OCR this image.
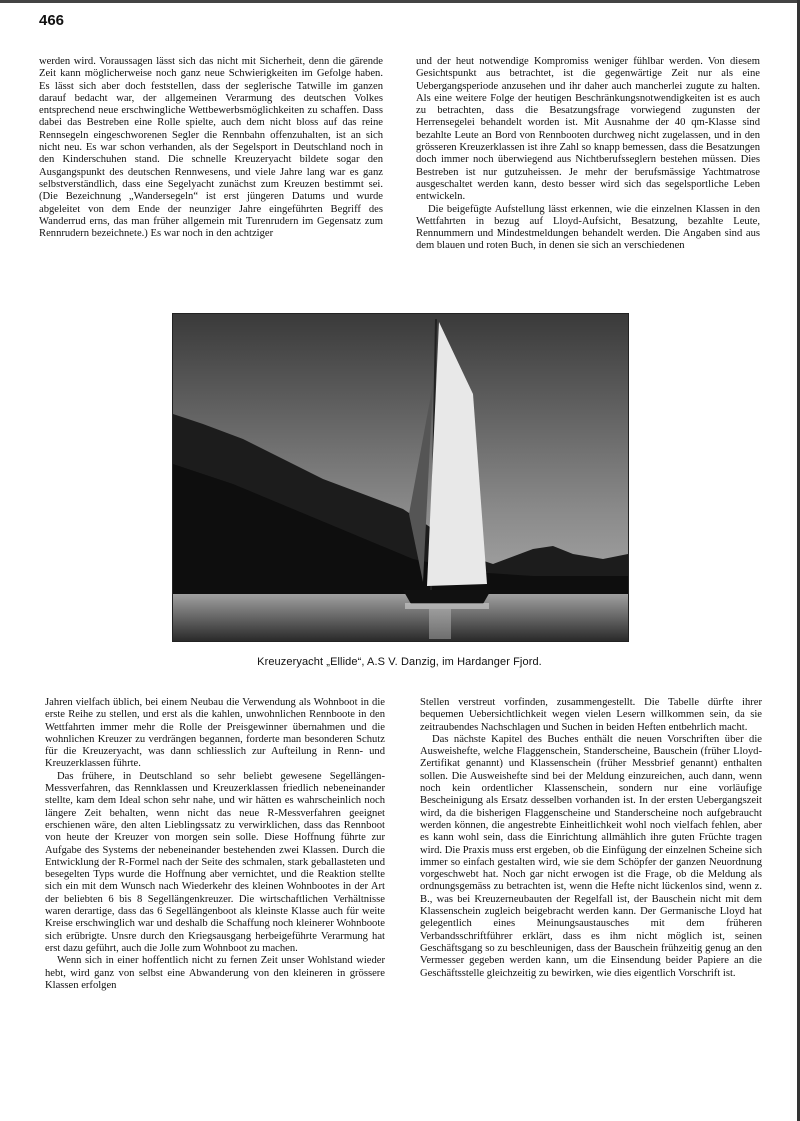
466

werden wird. Voraussagen lässt sich das nicht mit Sicherheit, denn die gärende Zeit kann möglicherweise noch ganz neue Schwierigkeiten im Gefolge haben. Es lässt sich aber doch feststellen, dass der seglerische Tatwille im ganzen darauf bedacht war, der allgemeinen Verarmung des deutschen Volkes entsprechend neue erschwingliche Wettbewerbsmöglichkeiten zu schaffen. Dass dabei das Bestreben eine Rolle spielte, auch dem nicht bloss auf das reine Rennsegeln eingeschworenen Segler die Rennbahn offenzuhalten, ist an sich nicht neu. Es war schon verhanden, als der Segelsport in Deutschland noch in den Kinderschuhen stand. Die schnelle Kreuzeryacht bildete sogar den Ausgangspunkt des deutschen Rennwesens, und viele Jahre lang war es ganz selbstverständlich, dass eine Segelyacht zunächst zum Kreuzen bestimmt sei. (Die Bezeichnung „Wandersegeln“ ist erst jüngeren Datums und wurde abgeleitet von dem Ende der neunziger Jahre eingeführten Begriff des Wanderrud erns, das man früher allgemein mit Turenrudern im Gegensatz zum Rennrudern bezeichnete.) Es war noch in den achtziger

und der heut notwendige Kompromiss weniger fühlbar werden. Von diesem Gesichtspunkt aus betrachtet, ist die gegenwärtige Zeit nur als eine Uebergangsperiode anzusehen und ihr daher auch mancherlei zugute zu halten. Als eine weitere Folge der heutigen Beschränkungsnotwendigkeiten ist es auch zu betrachten, dass die Besatzungsfrage vorwiegend zugunsten der Herrensegelei behandelt worden ist. Mit Ausnahme der 40 qm-Klasse sind bezahlte Leute an Bord von Rennbooten durchweg nicht zugelassen, und in den grösseren Kreuzerklassen ist ihre Zahl so knapp bemessen, dass die Besatzungen doch immer noch überwiegend aus Nichtberufsseglern bestehen müssen. Dies Bestreben ist nur gutzuheissen. Je mehr der berufsmässige Yachtmatrose ausgeschaltet werden kann, desto besser wird sich das segelsportliche Leben entwickeln.

Die beigefügte Aufstellung lässt erkennen, wie die einzelnen Klassen in den Wettfahrten in bezug auf Lloyd-Aufsicht, Besatzung, bezahlte Leute, Rennummern und Mindestmeldungen behandelt werden. Die Angaben sind aus dem blauen und roten Buch, in denen sie sich an verschiedenen

Kreuzeryacht „Ellide“, A.S V. Danzig, im Hardanger Fjord.

Jahren vielfach üblich, bei einem Neubau die Verwendung als Wohnboot in die erste Reihe zu stellen, und erst als die kahlen, unwohnlichen Rennboote in den Wettfahrten immer mehr die Rolle der Preisgewinner übernahmen und die wohnlichen Kreuzer zu verdrängen begannen, forderte man besonderen Schutz für die Kreuzeryacht, was dann schliesslich zur Aufteilung in Renn- und Kreuzerklassen führte.

Das frühere, in Deutschland so sehr beliebt gewesene Segellängen-Messverfahren, das Rennklassen und Kreuzerklassen friedlich nebeneinander stellte, kam dem Ideal schon sehr nahe, und wir hätten es wahrscheinlich noch längere Zeit behalten, wenn nicht das neue R-Messverfahren geeignet erschienen wäre, den alten Lieblingssatz zu verwirklichen, dass das Rennboot von heute der Kreuzer von morgen sein solle. Diese Hoffnung führte zur Aufgabe des Systems der nebeneinander bestehenden zwei Klassen. Durch die Entwicklung der R-Formel nach der Seite des schmalen, stark geballasteten und besegelten Typs wurde die Hoffnung aber vernichtet, und die Reaktion stellte sich ein mit dem Wunsch nach Wiederkehr des kleinen Wohnbootes in der Art der beliebten 6 bis 8 Segellängenkreuzer. Die wirtschaftlichen Verhältnisse waren derartige, dass das 6 Segellängenboot als kleinste Klasse auch für weite Kreise erschwinglich war und deshalb die Schaffung noch kleinerer Wohnboote sich erübrigte. Unsre durch den Kriegsausgang herbeigeführte Verarmung hat erst dazu geführt, auch die Jolle zum Wohnboot zu machen.

Wenn sich in einer hoffentlich nicht zu fernen Zeit unser Wohlstand wieder hebt, wird ganz von selbst eine Abwanderung von den kleineren in grössere Klassen erfolgen

Stellen verstreut vorfinden, zusammengestellt. Die Tabelle dürfte ihrer bequemen Uebersichtlichkeit wegen vielen Lesern willkommen sein, da sie zeitraubendes Nachschlagen und Suchen in beiden Heften entbehrlich macht.

Das nächste Kapitel des Buches enthält die neuen Vorschriften über die Ausweishefte, welche Flaggenschein, Standerscheine, Bauschein (früher Lloyd-Zertifikat genannt) und Klassenschein (früher Messbrief genannt) enthalten sollen. Die Ausweishefte sind bei der Meldung einzureichen, auch dann, wenn noch kein ordentlicher Klassenschein, sondern nur eine vorläufige Bescheinigung als Ersatz desselben vorhanden ist. In der ersten Uebergangszeit wird, da die bisherigen Flaggenscheine und Standerscheine noch aufgebraucht werden können, die angestrebte Einheitlichkeit wohl noch vielfach fehlen, aber es kann wohl sein, dass die Einrichtung allmählich ihre guten Früchte tragen wird. Die Praxis muss erst ergeben, ob die Einfügung der einzelnen Scheine sich immer so einfach gestalten wird, wie sie dem Schöpfer der ganzen Neuordnung vorgeschwebt hat. Noch gar nicht erwogen ist die Frage, ob die Meldung als ordnungsgemäss zu betrachten ist, wenn die Hefte nicht lückenlos sind, wenn z. B., was bei Kreuzerneubauten der Regelfall ist, der Bauschein nicht mit dem Klassenschein zugleich beigebracht werden kann. Der Germanische Lloyd hat gelegentlich eines Meinungsaustausches mit dem früheren Verbandsschriftführer erklärt, dass es ihm nicht möglich ist, seinen Geschäftsgang so zu beschleunigen, dass der Bauschein frühzeitig genug an den Vermesser gegeben werden kann, um die Einsendung beider Papiere an die Geschäftsstelle gleichzeitig zu bewirken, wie dies eigentlich Vorschrift ist.
